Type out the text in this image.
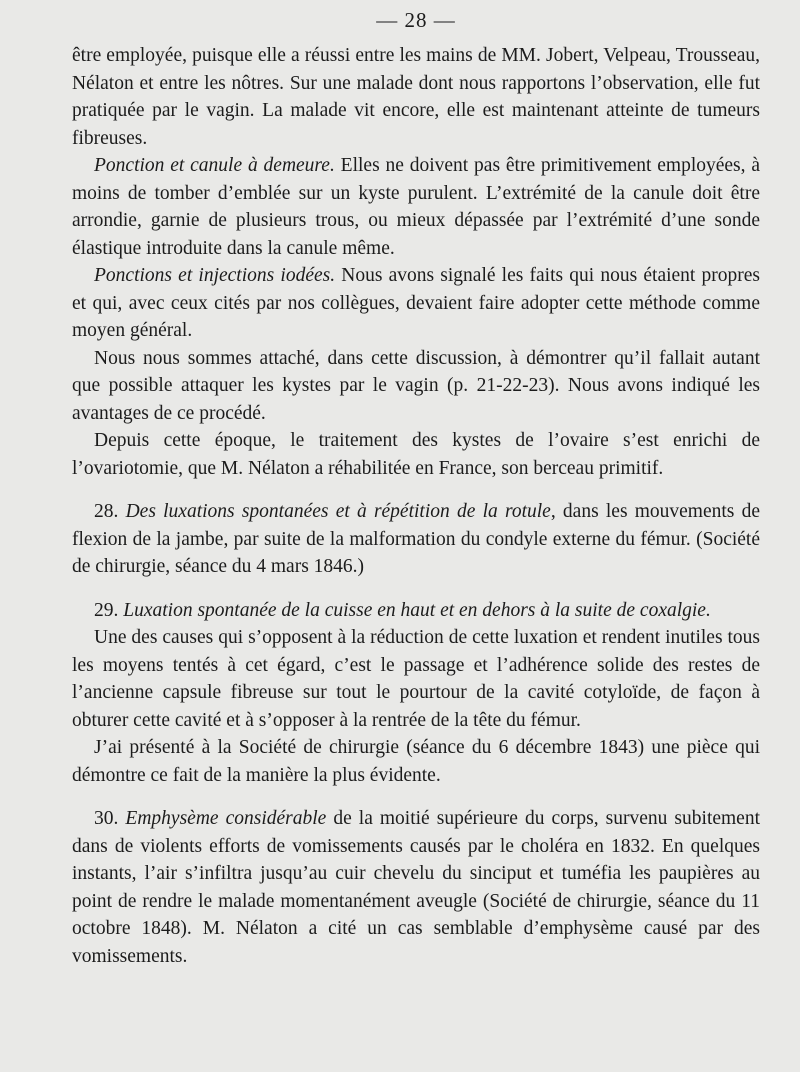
— 28 —

être employée, puisque elle a réussi entre les mains de MM. Jobert, Velpeau, Trousseau, Nélaton et entre les nôtres. Sur une malade dont nous rapportons l’observation, elle fut pratiquée par le vagin. La malade vit encore, elle est maintenant atteinte de tumeurs fibreuses.

Ponction et canule à demeure. Elles ne doivent pas être primitivement employées, à moins de tomber d’emblée sur un kyste purulent. L’extrémité de la canule doit être arrondie, garnie de plusieurs trous, ou mieux dépassée par l’extrémité d’une sonde élastique introduite dans la canule même.

Ponctions et injections iodées. Nous avons signalé les faits qui nous étaient propres et qui, avec ceux cités par nos collègues, devaient faire adopter cette méthode comme moyen général.

Nous nous sommes attaché, dans cette discussion, à démontrer qu’il fallait autant que possible attaquer les kystes par le vagin (p. 21-22-23). Nous avons indiqué les avantages de ce procédé.

Depuis cette époque, le traitement des kystes de l’ovaire s’est enrichi de l’ovariotomie, que M. Nélaton a réhabilitée en France, son berceau primitif.

28. Des luxations spontanées et à répétition de la rotule, dans les mouvements de flexion de la jambe, par suite de la malformation du condyle externe du fémur. (Société de chirurgie, séance du 4 mars 1846.)

29. Luxation spontanée de la cuisse en haut et en dehors à la suite de coxalgie.

Une des causes qui s’opposent à la réduction de cette luxation et rendent inutiles tous les moyens tentés à cet égard, c’est le passage et l’adhérence solide des restes de l’ancienne capsule fibreuse sur tout le pourtour de la cavité cotyloïde, de façon à obturer cette cavité et à s’opposer à la rentrée de la tête du fémur.

J’ai présenté à la Société de chirurgie (séance du 6 décembre 1843) une pièce qui démontre ce fait de la manière la plus évidente.

30. Emphysème considérable de la moitié supérieure du corps, survenu subitement dans de violents efforts de vomissements causés par le choléra en 1832. En quelques instants, l’air s’infiltra jusqu’au cuir chevelu du sinciput et tuméfia les paupières au point de rendre le malade momentanément aveugle (Société de chirurgie, séance du 11 octobre 1848). M. Nélaton a cité un cas semblable d’emphysème causé par des vomissements.
